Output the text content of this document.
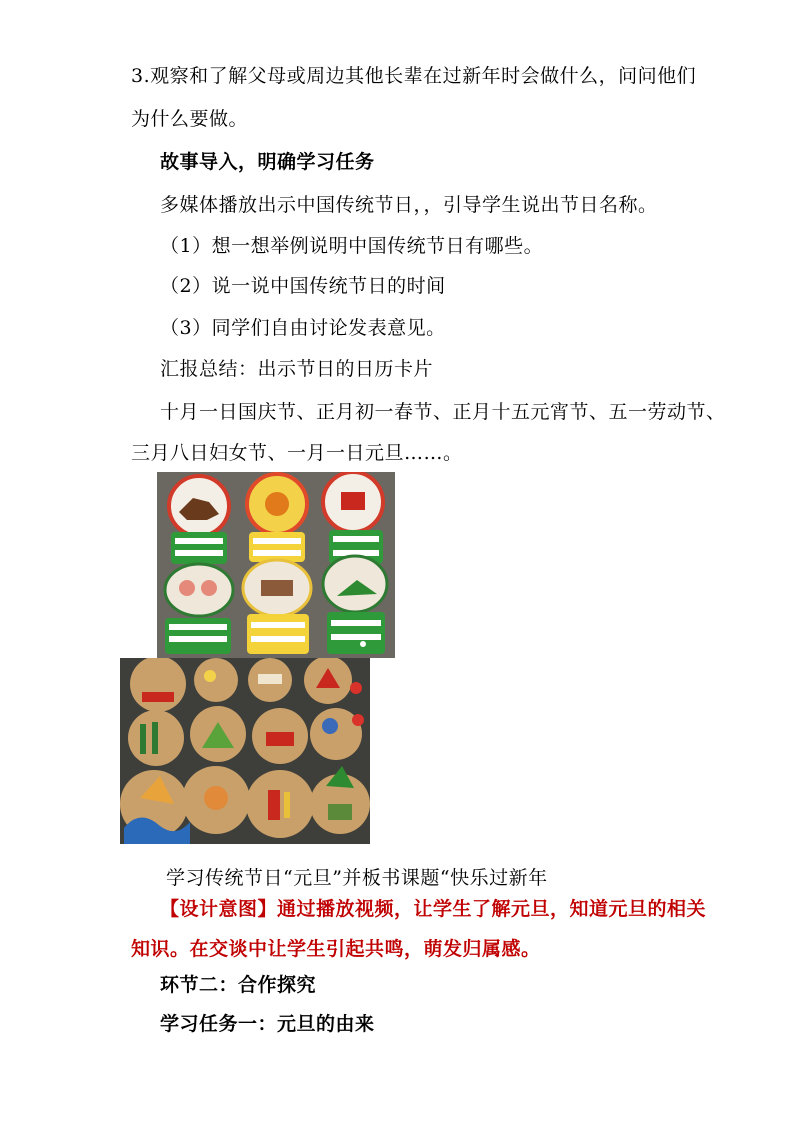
3.观察和了解父母或周边其他长辈在过新年时会做什么，问问他们
为什么要做。
故事导入，明确学习任务
多媒体播放出示中国传统节日，，引导学生说出节日名称。
（1）想一想举例说明中国传统节日有哪些。
（2）说一说中国传统节日的时间
（3）同学们自由讨论发表意见。
汇报总结：出示节日的日历卡片
十月一日国庆节、正月初一春节、正月十五元宵节、五一劳动节、
三月八日妇女节、一月一日元旦……。
学习传统节日“元旦”并板书课题“快乐过新年
【设计意图】通过播放视频，让学生了解元旦，知道元旦的相关
知识。在交谈中让学生引起共鸣，萌发归属感。
环节二：合作探究
学习任务一：元旦的由来
